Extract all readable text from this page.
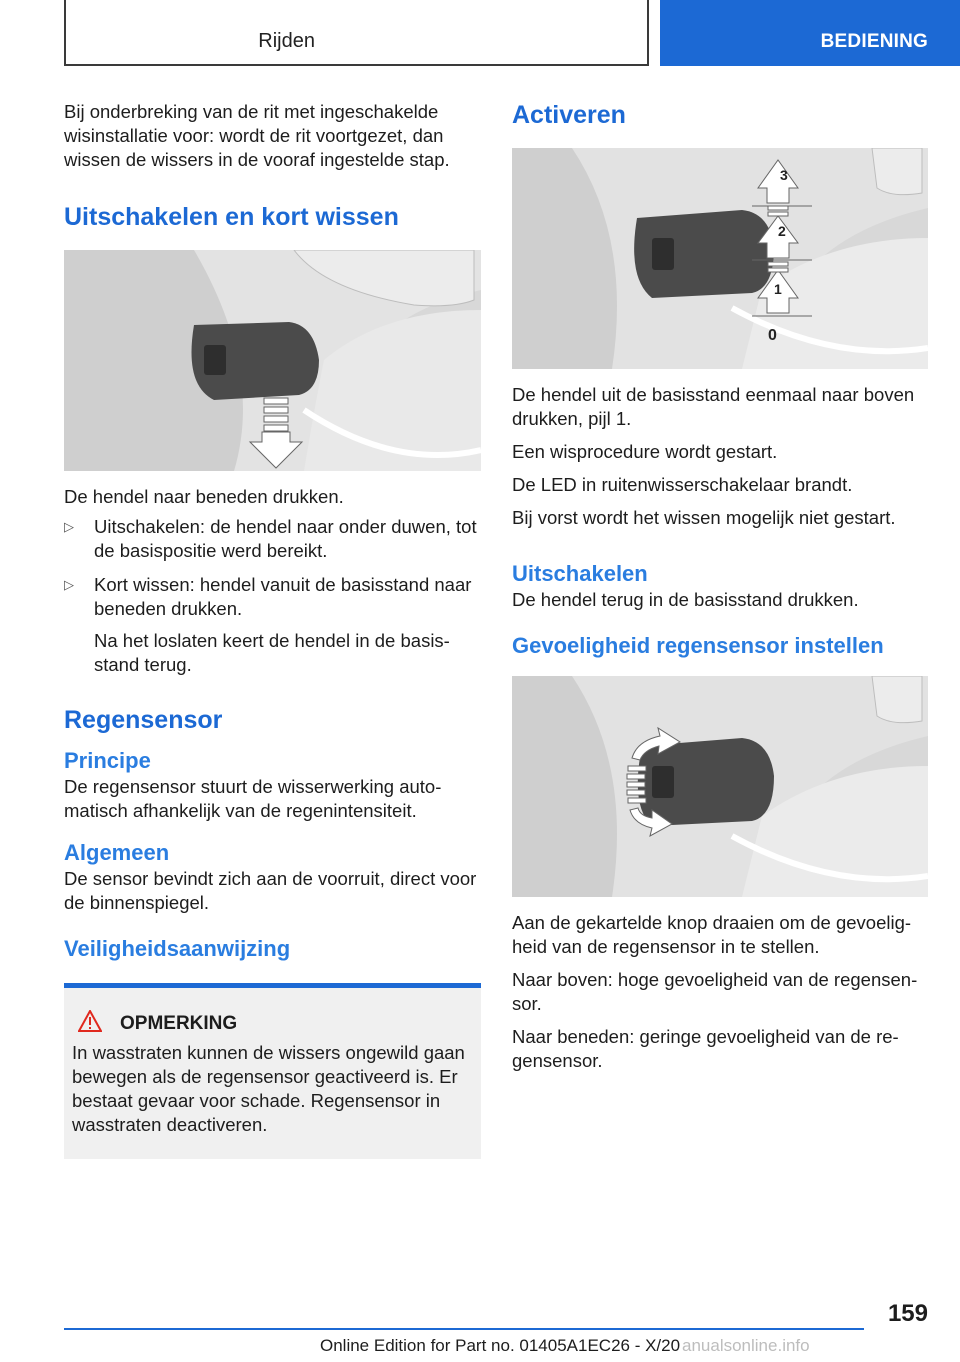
Rijden	BEDIENING

Bij onderbreking van de rit met ingeschakelde wisinstallatie voor: wordt de rit voortgezet, dan wissen de wissers in de vooraf ingestelde stap.

Uitschakelen en kort wissen

De hendel naar beneden drukken.

▷	Uitschakelen: de hendel naar onder duwen, tot de basispositie werd bereikt.

▷	Kort wissen: hendel vanuit de basisstand naar beneden drukken.

Na het loslaten keert de hendel in de basis-stand terug.

Regensensor
Principe

De regensensor stuurt de wisserwerking auto-matisch afhankelijk van de regenintensiteit.

Algemeen

De sensor bevindt zich aan de voorruit, direct voor de binnenspiegel.

Veiligheidsaanwijzing
OPMERKING

In wasstraten kunnen de wissers ongewild gaan bewegen als de regensensor geactiveerd is. Er bestaat gevaar voor schade. Regensensor in wasstraten deactiveren.

Activeren
3
2
1
0

De hendel uit de basisstand eenmaal naar boven drukken, pijl 1.

Een wisprocedure wordt gestart.

De LED in ruitenwisserschakelaar brandt.

Bij vorst wordt het wissen mogelijk niet gestart.

Uitschakelen

De hendel terug in de basisstand drukken.

Gevoeligheid regensensor instellen

Aan de gekartelde knop draaien om de gevoelig-heid van de regensensor in te stellen.

Naar boven: hoge gevoeligheid van de regensen-sor.

Naar beneden: geringe gevoeligheid van de re-gensensor.

159
Online Edition for Part no. 01405A1EC26 - X/20 anualsonline.info
